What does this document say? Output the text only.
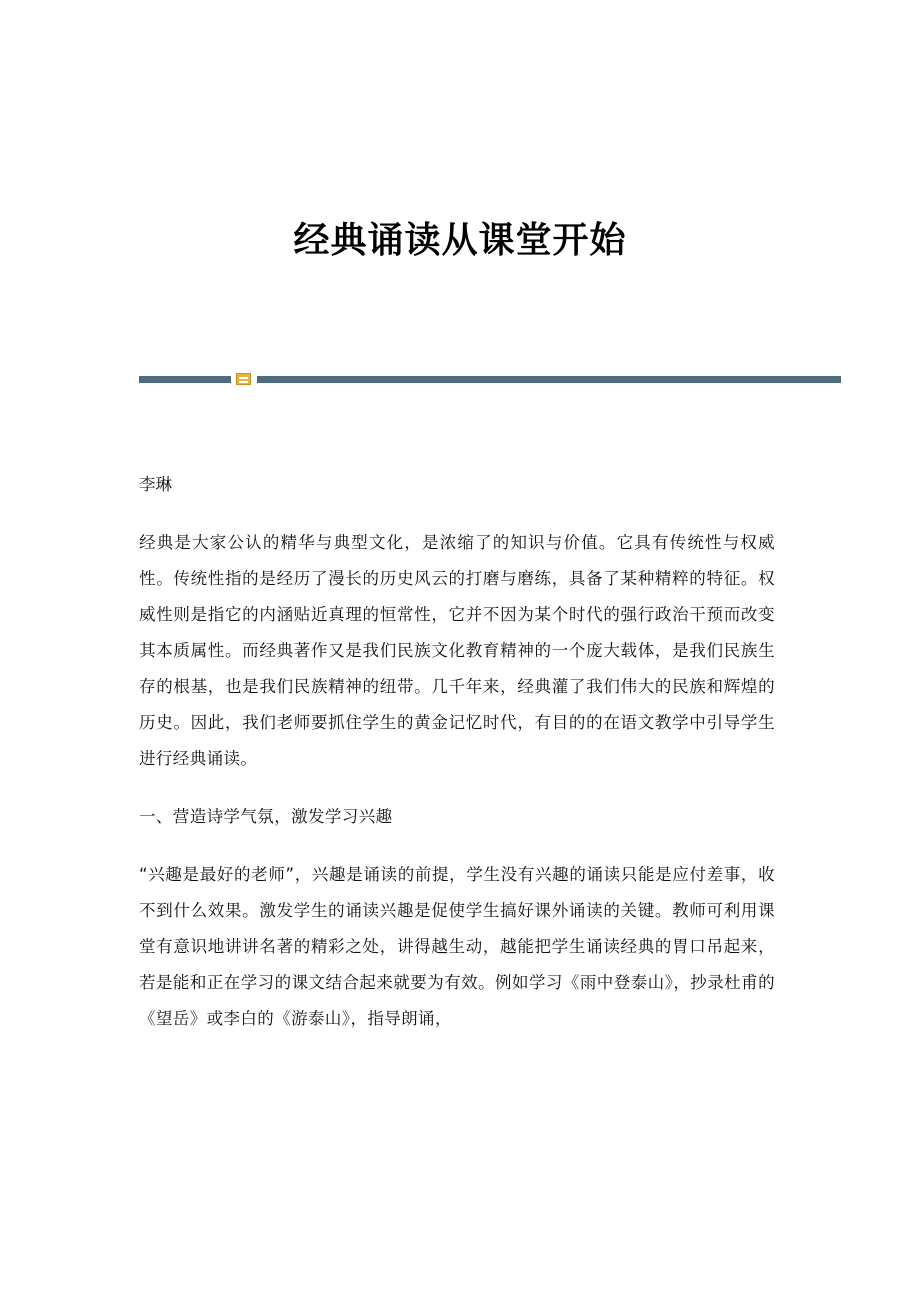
经典诵读从课堂开始
李琳

经典是大家公认的精华与典型文化，是浓缩了的知识与价值。它具有传统性与权威性。传统性指的是经历了漫长的历史风云的打磨与磨练，具备了某种精粹的特征。权威性则是指它的内涵贴近真理的恒常性，它并不因为某个时代的强行政治干预而改变其本质属性。而经典著作又是我们民族文化教育精神的一个庞大载体，是我们民族生存的根基，也是我们民族精神的纽带。几千年来，经典灌了我们伟大的民族和辉煌的历史。因此，我们老师要抓住学生的黄金记忆时代，有目的的在语文教学中引导学生进行经典诵读。

一、营造诗学气氛，激发学习兴趣

“兴趣是最好的老师”，兴趣是诵读的前提，学生没有兴趣的诵读只能是应付差事，收不到什么效果。激发学生的诵读兴趣是促使学生搞好课外诵读的关键。教师可利用课堂有意识地讲讲名著的精彩之处，讲得越生动，越能把学生诵读经典的胃口吊起来，若是能和正在学习的课文结合起来就要为有效。例如学习《雨中登泰山》，抄录杜甫的《望岳》或李白的《游泰山》，指导朗诵，
